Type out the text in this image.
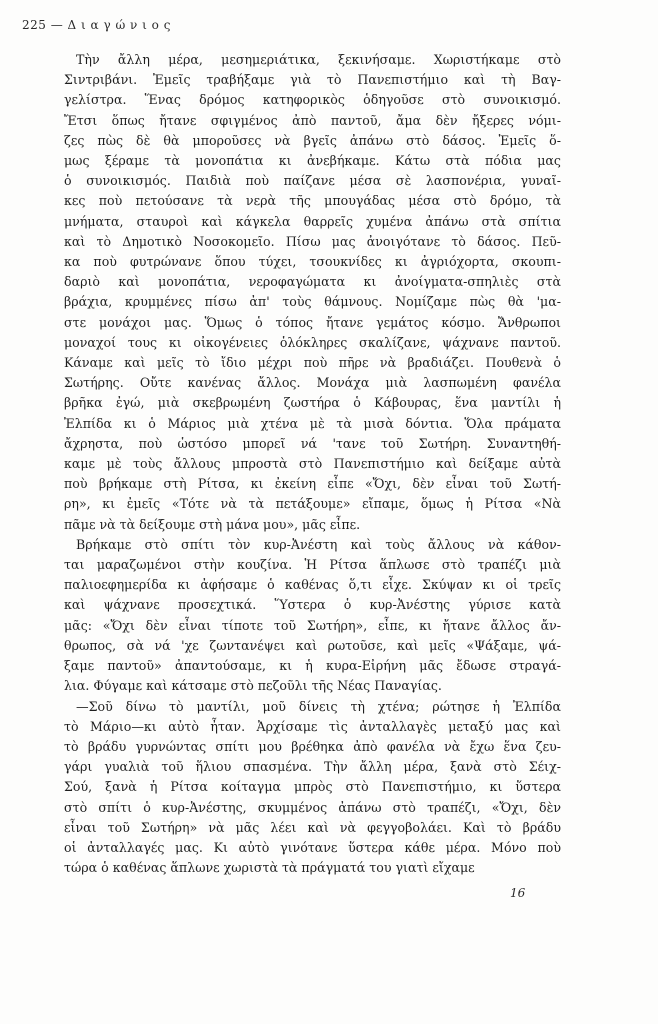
225 — Δ ι α γ ώ ν ι ο ς

Τὴν ἄλλη μέρα, μεσημεριάτικα, ξεκινήσαμε. Χωριστήκαμε στὸ
Σιντριβάνι. Ἐμεῖς τραβήξαμε γιὰ τὸ Πανεπιστήμιο καὶ τὴ Βαγ-
γελίστρα. Ἕνας δρόμος κατηφορικὸς ὁδηγοῦσε στὸ συνοικισμό.
Ἔτσι ὅπως ἤτανε σφιγμένος ἀπὸ παντοῦ, ἄμα δὲν ἤξερες νόμι-
ζες πὼς δὲ θὰ μποροῦσες νὰ βγεῖς ἀπάνω στὸ δάσος. Ἐμεῖς ὅ-
μως ξέραμε τὰ μονοπάτια κι ἀνεβήκαμε. Κάτω στὰ πόδια μας
ὁ συνοικισμός. Παιδιὰ ποὺ παίζανε μέσα σὲ λασπονέρια, γυναῖ-
κες ποὺ πετούσανε τὰ νερὰ τῆς μπουγάδας μέσα στὸ δρόμο, τὰ
μνήματα, σταυροὶ καὶ κάγκελα θαρρεῖς χυμένα ἀπάνω στὰ σπίτια
καὶ τὸ Δημοτικὸ Νοσοκομεῖο. Πίσω μας ἀνοιγότανε τὸ δάσος. Πεῦ-
κα ποὺ φυτρώνανε ὅπου τύχει, τσουκνίδες κι ἀγριόχορτα, σκουπι-
δαριὸ καὶ μονοπάτια, νεροφαγώματα κι ἀνοίγματα-σπηλιὲς στὰ
βράχια, κρυμμένες πίσω ἀπ' τοὺς θάμνους. Νομίζαμε πὼς θὰ 'μα-
στε μονάχοι μας. Ὅμως ὁ τόπος ἤτανε γεμάτος κόσμο. Ἄνθρωποι
μοναχοί τους κι οἰκογένειες ὁλόκληρες σκαλίζανε, ψάχνανε παντοῦ.
Κάναμε καὶ μεῖς τὸ ἴδιο μέχρι ποὺ πῆρε νὰ βραδιάζει. Πουθενὰ ὁ
Σωτήρης. Οὔτε κανένας ἄλλος. Μονάχα μιὰ λασπωμένη φανέλα
βρῆκα ἐγώ, μιὰ σκεβρωμένη ζωστήρα ὁ Κάβουρας, ἕνα μαντίλι ἡ
Ἐλπίδα κι ὁ Μάριος μιὰ χτένα μὲ τὰ μισὰ δόντια. Ὅλα πράματα
ἄχρηστα, ποὺ ὡστόσο μπορεῖ νά 'τανε τοῦ Σωτήρη. Συναντηθή-
καμε μὲ τοὺς ἄλλους μπροστὰ στὸ Πανεπιστήμιο καὶ δείξαμε αὐτὰ
ποὺ βρήκαμε στὴ Ρίτσα, κι ἐκείνη εἶπε «Ὄχι, δὲν εἶναι τοῦ Σωτή-
ρη», κι ἐμεῖς «Τότε νὰ τὰ πετάξουμε» εἴπαμε, ὅμως ἡ Ρίτσα «Νὰ
πᾶμε νὰ τὰ δείξουμε στὴ μάνα μου», μᾶς εἶπε.

Βρήκαμε στὸ σπίτι τὸν κυρ-Ἀνέστη καὶ τοὺς ἄλλους νὰ κάθον-
ται μαραζωμένοι στὴν κουζίνα. Ἡ Ρίτσα ἅπλωσε στὸ τραπέζι μιὰ
παλιοεφημερίδα κι ἀφήσαμε ὁ καθένας ὅ,τι εἶχε. Σκύψαν κι οἱ τρεῖς
καὶ ψάχνανε προσεχτικά. Ὕστερα ὁ κυρ-Ἀνέστης γύρισε κατὰ
μᾶς: «Ὄχι δὲν εἶναι τίποτε τοῦ Σωτήρη», εἶπε, κι ἤτανε ἄλλος ἄν-
θρωπος, σὰ νά 'χε ζωντανέψει καὶ ρωτοῦσε, καὶ μεῖς «Ψάξαμε, ψά-
ξαμε παντοῦ» ἀπαντούσαμε, κι ἡ κυρα-Εἰρήνη μᾶς ἔδωσε στραγά-
λια. Φύγαμε καὶ κάτσαμε στὸ πεζοῦλι τῆς Νέας Παναγίας.

—Σοῦ δίνω τὸ μαντίλι, μοῦ δίνεις τὴ χτένα; ρώτησε ἡ Ἐλπίδα
τὸ Μάριο—κι αὐτὸ ἦταν. Ἀρχίσαμε τὶς ἀνταλλαγὲς μεταξύ μας καὶ
τὸ βράδυ γυρνώντας σπίτι μου βρέθηκα ἀπὸ φανέλα νὰ ἔχω ἕνα ζευ-
γάρι γυαλιὰ τοῦ ἥλιου σπασμένα. Τὴν ἄλλη μέρα, ξανὰ στὸ Σέιχ-
Σού, ξανὰ ἡ Ρίτσα κοίταγμα μπρὸς στὸ Πανεπιστήμιο, κι ὕστερα
στὸ σπίτι ὁ κυρ-Ἀνέστης, σκυμμένος ἀπάνω στὸ τραπέζι, «Ὄχι, δὲν
εἶναι τοῦ Σωτήρη» νὰ μᾶς λέει καὶ νὰ φεγγοβολάει. Καὶ τὸ βράδυ
οἱ ἀνταλλαγές μας. Κι αὐτὸ γινότανε ὕστερα κάθε μέρα. Μόνο ποὺ
τώρα ὁ καθένας ἅπλωνε χωριστὰ τὰ πράγματά του γιατὶ εἴχαμε

16
